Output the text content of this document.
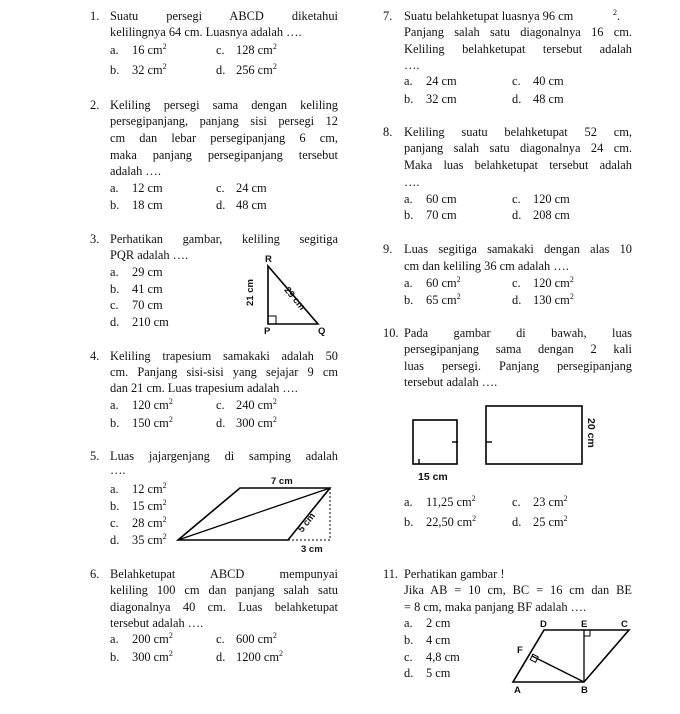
1. Suatu persegi ABCD diketahui
kelilingnya 64 cm. Luasnya adalah ….
a. 16 $cm^2$	c. 128 $cm^2$
b. 32 $cm^2$	d. 256 $cm^2$
2. Keliling persegi sama dengan keliling
persegipanjang, panjang sisi persegi 12
cm dan lebar persegipanjang 6 cm,
maka panjang persegipanjang tersebut
adalah ….
a. 12 cm	c. 24 cm
b. 18 cm	d. 48 cm
3. Perhatikan gambar, keliling segitiga
PQR adalah ….
a. 29 cm
b. 41 cm
c. 70 cm
d. 210 cm
R
P	Q
21 cm	29 cm
4. Keliling trapesium samakaki adalah 50
cm. Panjang sisi-sisi yang sejajar 9 cm
dan 21 cm. Luas trapesium adalah ….
a. 120 $cm^2$	c. 240 $cm^2$
b. 150 $cm^2$	d. 300 $cm^2$
5. Luas jajargenjang di samping adalah
….
a. 12 $cm^2$
b. 15 $cm^2$
c. 28 $cm^2$
d. 35 $cm^2$
7 cm
5 cm
3 cm
6. Belahketupat ABCD mempunyai
keliling 100 cm dan panjang salah satu
diagonalnya 40 cm. Luas belahketupat
tersebut adalah ….
a. 200 $cm^2$	c. 600 $cm^2$
b. 300 $cm^2$	d. 1200 $cm^2$
7. Suatu belahketupat luasnya 96 cm	$^2$.
Panjang salah satu diagonalnya 16 cm.
Keliling belahketupat tersebut adalah
….
a. 24 cm	c. 40 cm
b. 32 cm	d. 48 cm
8. Keliling suatu belahketupat 52 cm,
panjang salah satu diagonalnya 24 cm.
Maka luas belahketupat tersebut adalah
….
a. 60 cm	c. 120 cm
b. 70 cm	d. 208 cm
9. Luas segitiga samakaki dengan alas 10
cm dan keliling 36 cm adalah ….
a. 60 $cm^2$	c. 120 $cm^2$
b. 65 $cm^2$	d. 130 $cm^2$
10. Pada gambar di bawah, luas
persegipanjang sama dengan 2 kali
luas persegi. Panjang persegipanjang
tersebut adalah ….
15 cm
20 cm
a. 11,25 $cm^2$	c. 23 $cm^2$
b. 22,50 $cm^2$	d. 25 $cm^2$
11. Perhatikan gambar !
Jika AB = 10 cm, BC = 16 cm dan BE
= 8 cm, maka panjang BF adalah ….
a. 2 cm
b. 4 cm
c. 4,8 cm
d. 5 cm
D	E	C
F
A	B
